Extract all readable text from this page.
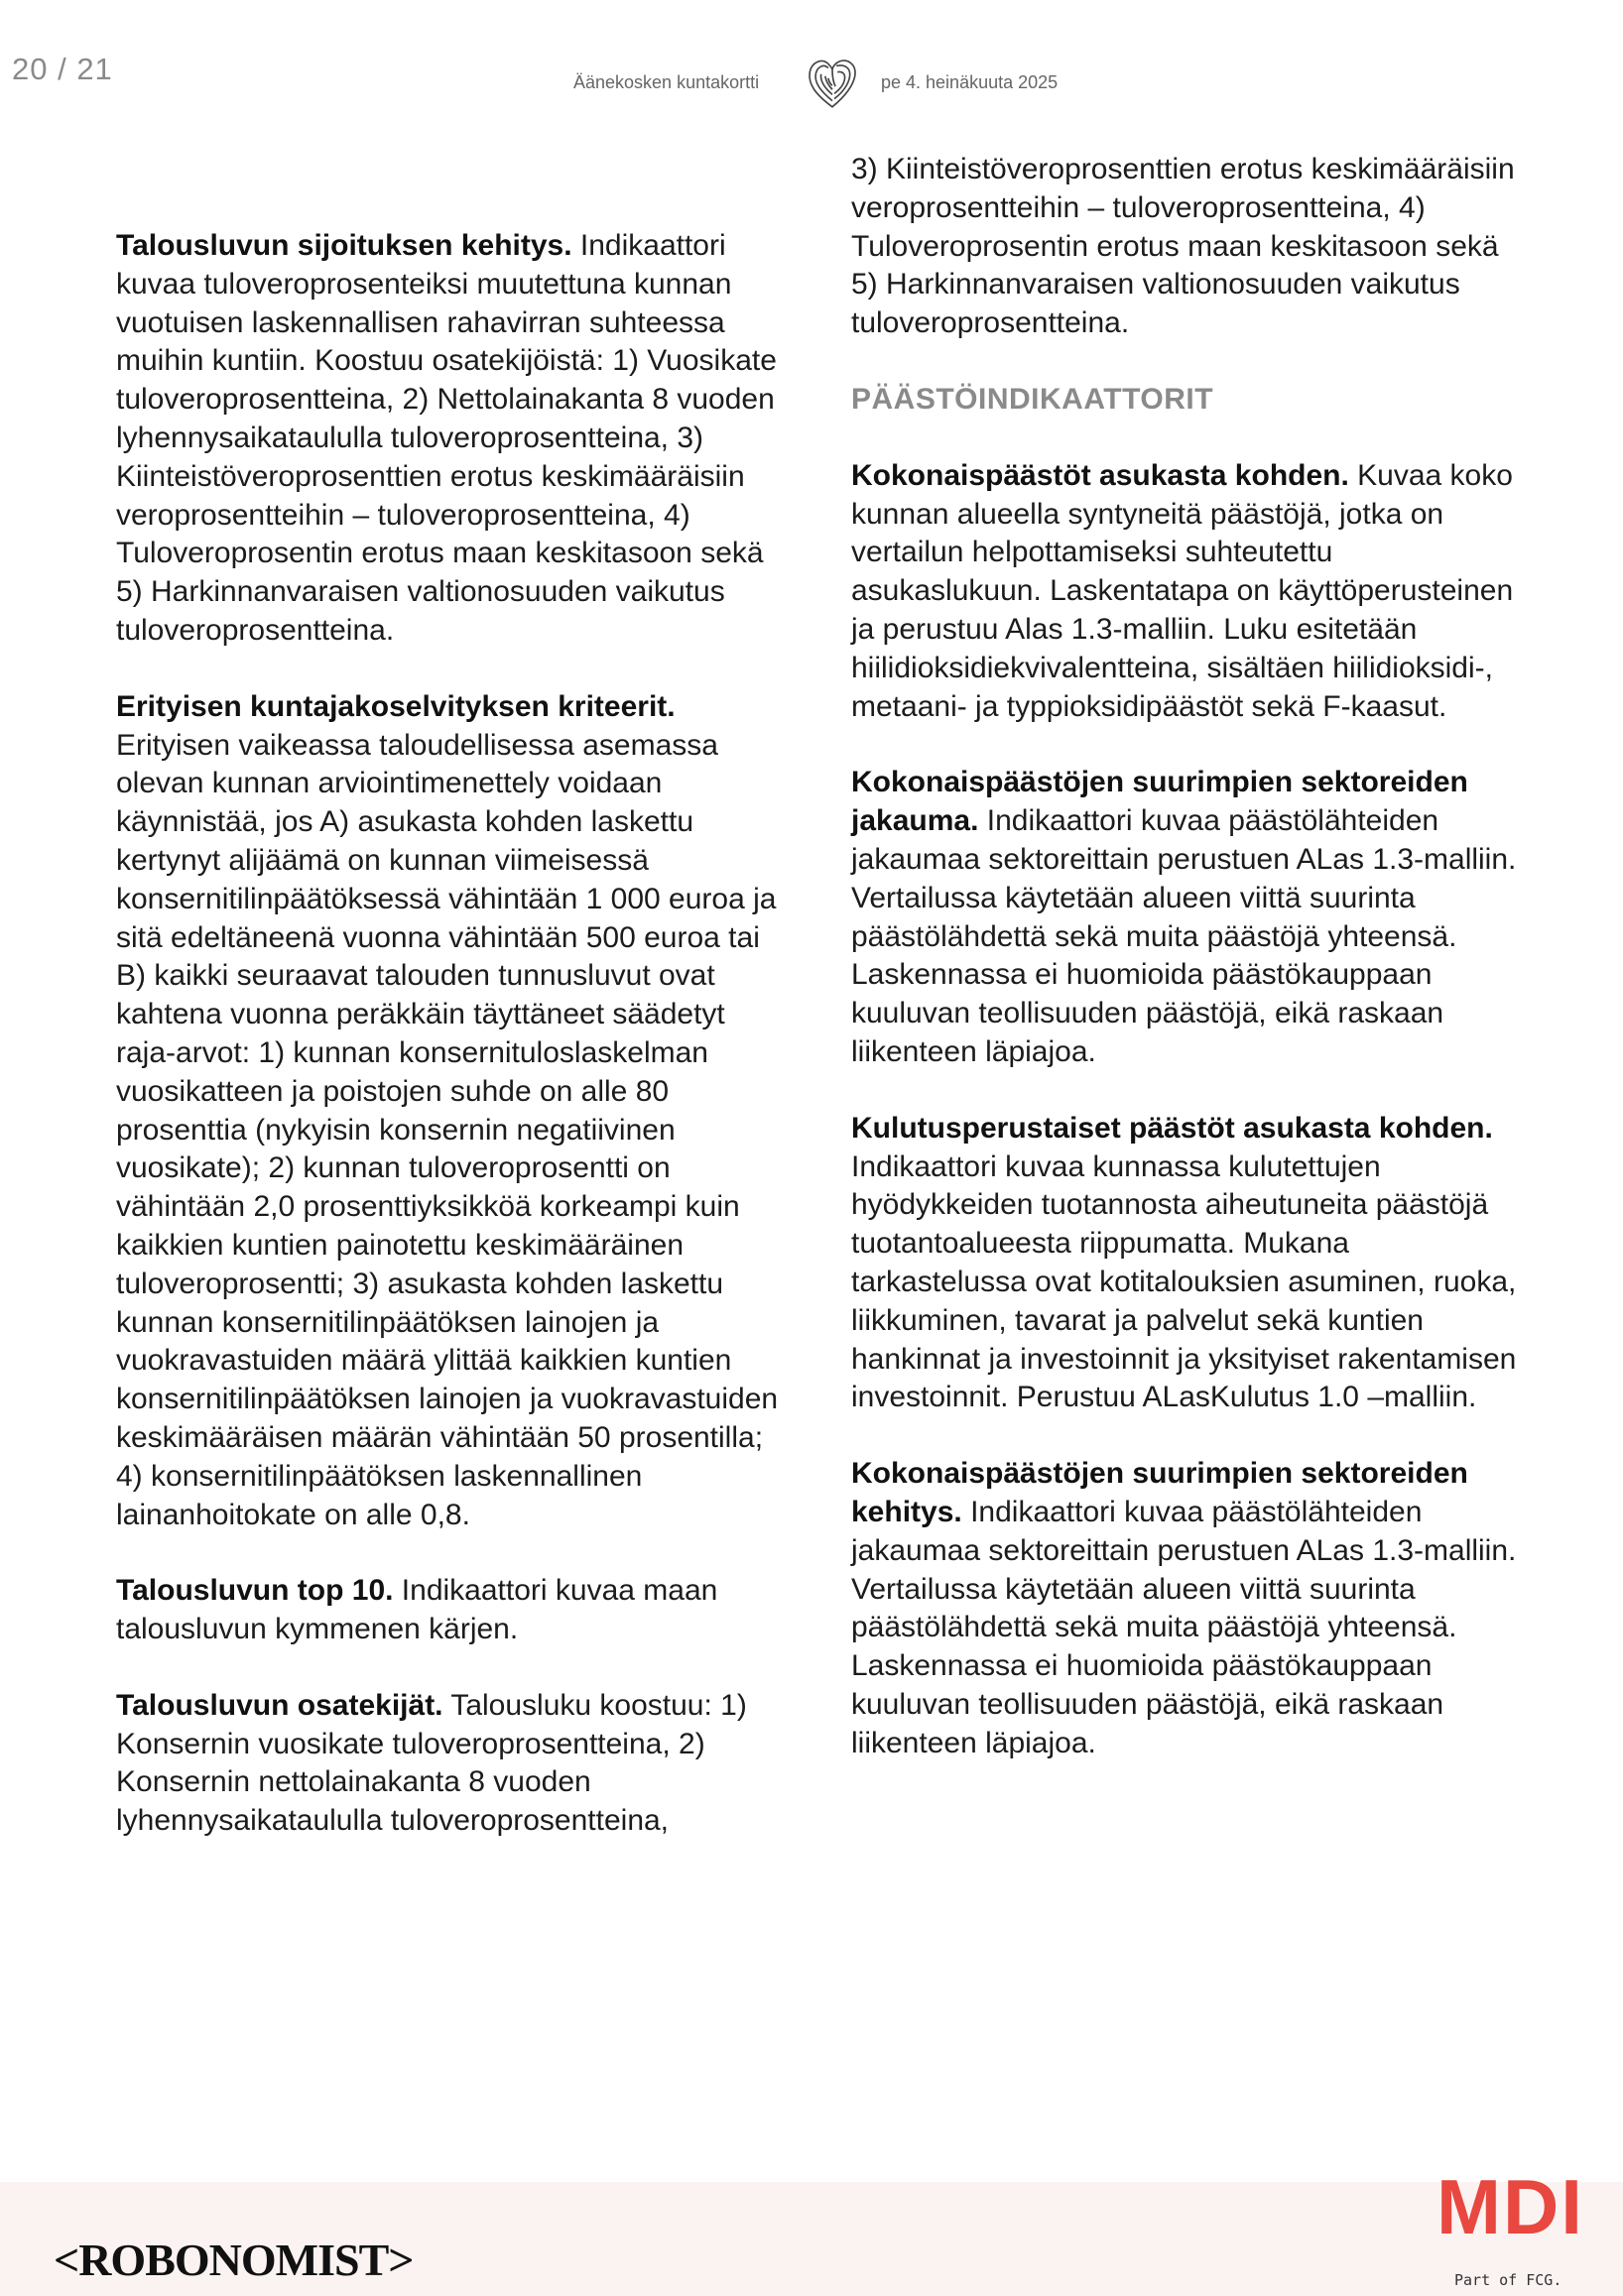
20 / 21	Äänekosken kuntakortti	pe 4. heinäkuuta 2025

Talousluvun sijoituksen kehitys. Indikaattori kuvaa tuloveroprosenteiksi muutettuna kunnan vuotuisen laskennallisen rahavirran suhteessa muihin kuntiin. Koostuu osatekijöistä: 1) Vuosikate tuloveroprosentteina, 2) Nettolainakanta 8 vuoden lyhennysaikataululla tuloveroprosentteina, 3) Kiinteistöveroprosenttien erotus keskimääräisiin veroprosentteihin – tuloveroprosentteina, 4) Tuloveroprosentin erotus maan keskitasoon sekä 5) Harkinnanvaraisen valtionosuuden vaikutus tuloveroprosentteina.

Erityisen kuntajakoselvityksen kriteerit. Erityisen vaikeassa taloudellisessa asemassa olevan kunnan arviointimenettely voidaan käynnistää, jos A) asukasta kohden laskettu kertynyt alijäämä on kunnan viimeisessä konsernitilinpäätöksessä vähintään 1 000 euroa ja sitä edeltäneenä vuonna vähintään 500 euroa tai B) kaikki seuraavat talouden tunnusluvut ovat kahtena vuonna peräkkäin täyttäneet säädetyt raja-arvot: 1) kunnan konsernituloslaskelman vuosikatteen ja poistojen suhde on alle 80 prosenttia (nykyisin konsernin negatiivinen vuosikate); 2) kunnan tuloveroprosentti on vähintään 2,0 prosenttiyksikköä korkeampi kuin kaikkien kuntien painotettu keskimääräinen tuloveroprosentti; 3) asukasta kohden laskettu kunnan konsernitilinpäätöksen lainojen ja vuokravastuiden määrä ylittää kaikkien kuntien konsernitilinpäätöksen lainojen ja vuokravastuiden keskimääräisen määrän vähintään 50 prosentilla; 4) konsernitilinpäätöksen laskennallinen lainanhoitokate on alle 0,8.

Talousluvun top 10. Indikaattori kuvaa maan talousluvun kymmenen kärjen.

Talousluvun osatekijät. Talousluku koostuu: 1) Konsernin vuosikate tuloveroprosentteina, 2) Konsernin nettolainakanta 8 vuoden lyhennysaikataululla tuloveroprosentteina,

3) Kiinteistöveroprosenttien erotus keskimääräisiin veroprosentteihin – tuloveroprosentteina, 4) Tuloveroprosentin erotus maan keskitasoon sekä 5) Harkinnanvaraisen valtionosuuden vaikutus tuloveroprosentteina.

PÄÄSTÖINDIKAATTORIT

Kokonaispäästöt asukasta kohden. Kuvaa koko kunnan alueella syntyneitä päästöjä, jotka on vertailun helpottamiseksi suhteutettu asukaslukuun. Laskentatapa on käyttöperusteinen ja perustuu Alas 1.3-malliin. Luku esitetään hiilidioksidiekvivalentteina, sisältäen hiilidioksidi-, metaani- ja typpioksidipäästöt sekä F-kaasut.

Kokonaispäästöjen suurimpien sektoreiden jakauma. Indikaattori kuvaa päästölähteiden jakaumaa sektoreittain perustuen ALas 1.3-malliin. Vertailussa käytetään alueen viittä suurinta päästölähdettä sekä muita päästöjä yhteensä. Laskennassa ei huomioida päästökauppaan kuuluvan teollisuuden päästöjä, eikä raskaan liikenteen läpiajoa.

Kulutusperustaiset päästöt asukasta kohden. Indikaattori kuvaa kunnassa kulutettujen hyödykkeiden tuotannosta aiheutuneita päästöjä tuotantoalueesta riippumatta. Mukana tarkastelussa ovat kotitalouksien asuminen, ruoka, liikkuminen, tavarat ja palvelut sekä kuntien hankinnat ja investoinnit ja yksityiset rakentamisen investoinnit. Perustuu ALasKulutus 1.0 –malliin.

Kokonaispäästöjen suurimpien sektoreiden kehitys. Indikaattori kuvaa päästölähteiden jakaumaa sektoreittain perustuen ALas 1.3-malliin. Vertailussa käytetään alueen viittä suurinta päästölähdettä sekä muita päästöjä yhteensä. Laskennassa ei huomioida päästökauppaan kuuluvan teollisuuden päästöjä, eikä raskaan liikenteen läpiajoa.

<ROBONOMIST>
MDI
Part of FCG.
